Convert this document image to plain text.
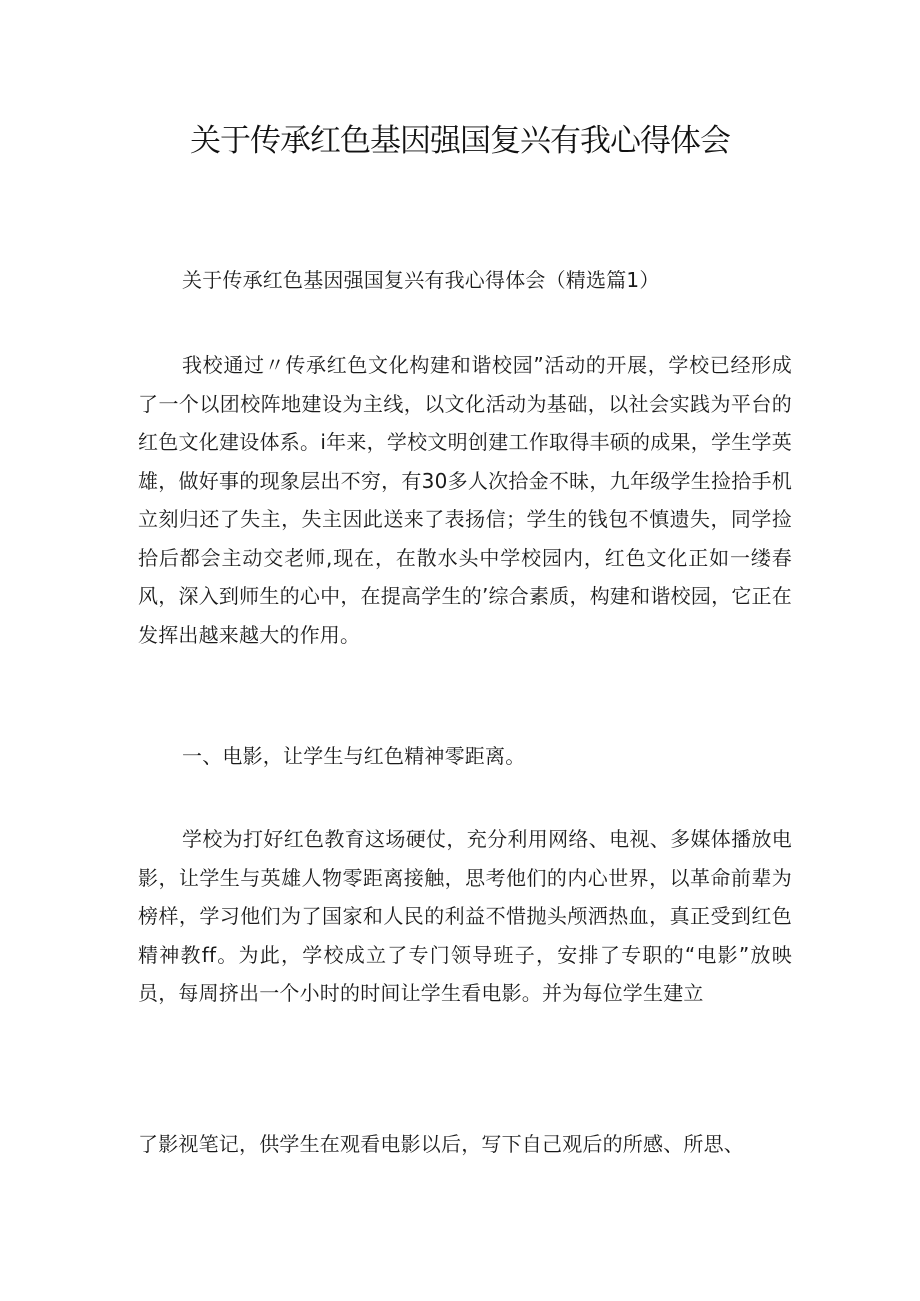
关于传承红色基因强国复兴有我心得体会

关于传承红色基因强国复兴有我心得体会（精选篇1）

我校通过〃传承红色文化构建和谐校园”活动的开展，学校已经形成了一个以团校阵地建设为主线，以文化活动为基础，以社会实践为平台的红色文化建设体系。i年来，学校文明创建工作取得丰硕的成果，学生学英雄，做好事的现象层出不穷，有30多人次拾金不昧，九年级学生捡拾手机立刻归还了失主，失主因此送来了表扬信；学生的钱包不慎遗失，同学捡拾后都会主动交老师,现在，在散水头中学校园内，红色文化正如一缕春风，深入到师生的心中，在提高学生的’综合素质，构建和谐校园，它正在发挥出越来越大的作用。

一、电影，让学生与红色精神零距离。

学校为打好红色教育这场硬仗，充分利用网络、电视、多媒体播放电影，让学生与英雄人物零距离接触，思考他们的内心世界，以革命前辈为榜样，学习他们为了国家和人民的利益不惜抛头颅洒热血，真正受到红色精神教ff。为此，学校成立了专门领导班子，安排了专职的“电影”放映员，每周挤出一个小时的时间让学生看电影。并为每位学生建立

了影视笔记，供学生在观看电影以后，写下自己观后的所感、所思、
